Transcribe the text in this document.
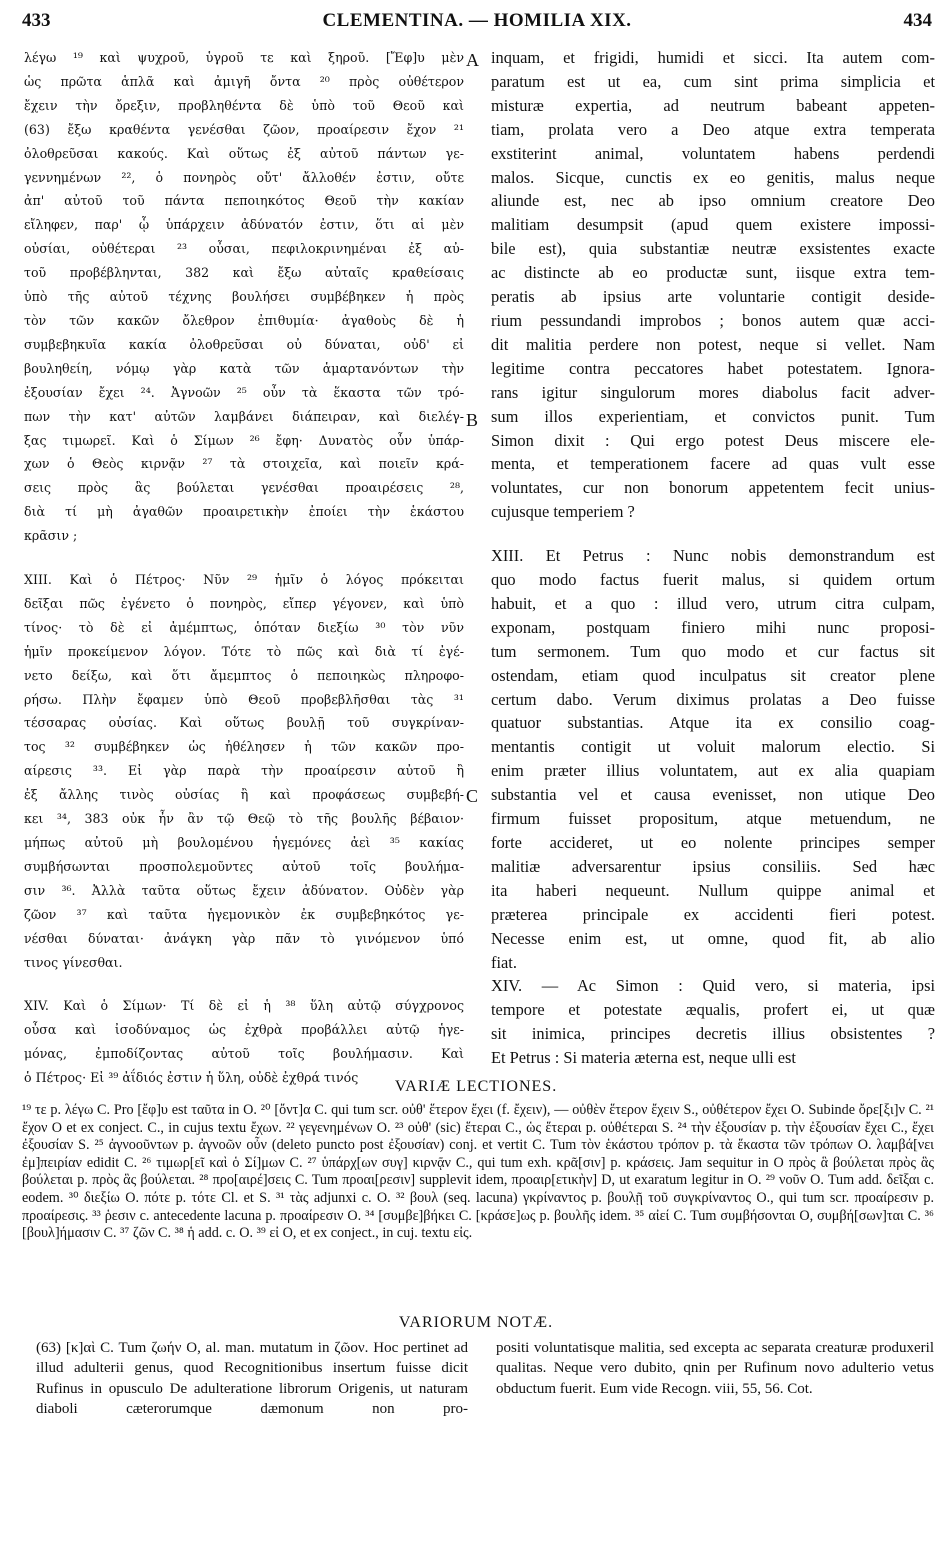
433	CLEMENTINA. — HOMILIA XIX.	434
λέγω ¹⁹ καὶ ψυχροῦ, ὑγροῦ τε καὶ ξηροῦ. [Ἔφ]υ μὲν
ὡς πρῶτα ἁπλᾶ καὶ ἀμιγῆ ὄντα ²⁰ πρὸς οὐθέτερον
ἔχειν τὴν ὄρεξιν, προβληθέντα δὲ ὑπὸ τοῦ Θεοῦ καὶ
(63) ἔξω κραθέντα γενέσθαι ζῶον, προαίρεσιν ἔχον ²¹
ὀλοθρεῦσαι κακούς. Καὶ οὕτως ἐξ αὐτοῦ πάντων γε-
γεννημένων ²², ὁ πονηρὸς οὔτ' ἄλλοθέν ἐστιν, οὔτε
ἀπ' αὐτοῦ τοῦ πάντα πεποιηκότος Θεοῦ τὴν κακίαν
εἴληφεν, παρ' ᾧ ὑπάρχειν ἀδύνατόν ἐστιν, ὅτι αἱ μὲν
οὐσίαι, οὐθέτεραι ²³ οὖσαι, πεφιλοκρινημέναι ἐξ αὐ-
τοῦ προβέβληνται, 382 καὶ ἔξω αὐταῖς κραθείσαις
ὑπὸ τῆς αὐτοῦ τέχνης βουλήσει συμβέβηκεν ἡ πρὸς
τὸν τῶν κακῶν ὄλεθρον ἐπιθυμία· ἀγαθοὺς δὲ ἡ
συμβεβηκυῖα κακία ὀλοθρεῦσαι οὐ δύναται, οὐδ' εἰ
βουληθείη, νόμῳ γὰρ κατὰ τῶν ἁμαρτανόντων τὴν
ἐξουσίαν ἔχει ²⁴. Ἀγνοῶν ²⁵ οὖν τὰ ἕκαστα τῶν τρό-
πων τὴν κατ' αὐτῶν λαμβάνει διάπειραν, καὶ διελέγ-
ξας τιμωρεῖ. Καὶ ὁ Σίμων ²⁶ ἔφη· Δυνατὸς οὖν ὑπάρ-
χων ὁ Θεὸς κιρνᾷν ²⁷ τὰ στοιχεῖα, καὶ ποιεῖν κρά-
σεις πρὸς ἃς βούλεται γενέσθαι προαιρέσεις ²⁸,
διὰ τί μὴ ἀγαθῶν προαιρετικὴν ἐποίει τὴν ἑκάστου
κρᾶσιν ;
XIII. Καὶ ὁ Πέτρος· Νῦν ²⁹ ἡμῖν ὁ λόγος πρόκειται
δεῖξαι πῶς ἐγένετο ὁ πονηρὸς, εἴπερ γέγονεν, καὶ ὑπὸ
τίνος· τὸ δὲ εἰ ἀμέμπτως, ὁπόταν διεξίω ³⁰ τὸν νῦν
ἡμῖν προκείμενον λόγον. Τότε τὸ πῶς καὶ διὰ τί ἐγέ-
νετο δείξω, καὶ ὅτι ἄμεμπτος ὁ πεποιηκὼς πληροφο-
ρήσω. Πλὴν ἔφαμεν ὑπὸ Θεοῦ προβεβλῆσθαι τὰς ³¹
τέσσαρας οὐσίας. Καὶ οὕτως βουλῇ τοῦ συγκρίναν-
τος ³² συμβέβηκεν ὡς ἠθέλησεν ἡ τῶν κακῶν προ-
αίρεσις ³³. Εἰ γὰρ παρὰ τὴν προαίρεσιν αὐτοῦ ἢ
ἐξ ἄλλης τινὸς οὐσίας ἢ καὶ προφάσεως συμβεβή-
κει ³⁴, 383 οὐκ ἦν ἂν τῷ Θεῷ τὸ τῆς βουλῆς βέβαιον·
μήπως αὐτοῦ μὴ βουλομένου ἡγεμόνες ἀεὶ ³⁵ κακίας
συμβήσωνται προσπολεμοῦντες αὐτοῦ τοῖς βουλήμα-
σιν ³⁶. Ἀλλὰ ταῦτα οὕτως ἔχειν ἀδύνατον. Οὐδὲν γὰρ
ζῶον ³⁷ καὶ ταῦτα ἡγεμονικὸν ἐκ συμβεβηκότος γε-
νέσθαι δύναται· ἀνάγκη γὰρ πᾶν τὸ γινόμενον ὑπό
τινος γίνεσθαι.
XIV. Καὶ ὁ Σίμων· Τί δὲ εἰ ἡ ³⁸ ὕλη αὐτῷ σύγχρονος
οὖσα καὶ ἰσοδύναμος ὡς ἐχθρὰ προβάλλει αὐτῷ ἡγε-
μόνας, ἐμποδίζοντας αὐτοῦ τοῖς βουλήμασιν. Καὶ
ὁ Πέτρος· Εἰ ³⁹ ἀΐδιός ἐστιν ἡ ὕλη, οὐδὲ ἐχθρά τινός
inquam, et frigidi, humidi et sicci. Ita autem com-
paratum est ut ea, cum sint prima simplicia et
misturæ expertia, ad neutrum babeant appeten-
tiam, prolata vero a Deo atque extra temperata
exstiterint animal, voluntatem habens perdendi
malos. Sicque, cunctis ex eo genitis, malus neque
aliunde est, nec ab ipso omnium creatore Deo
malitiam desumpsit (apud quem existere impossi-
bile est), quia substantiæ neutræ exsistentes exacte
ac distincte ab eo productæ sunt, iisque extra tem-
peratis ab ipsius arte voluntarie contigit deside-
rium pessundandi improbos ; bonos autem quæ acci-
dit malitia perdere non potest, neque si vellet. Nam
legitime contra peccatores habet potestatem. Ignora-
rans igitur singulorum mores diabolus facit adver-
sum illos experientiam, et convictos punit. Tum
Simon dixit : Qui ergo potest Deus miscere ele-
menta, et temperationem facere ad quas vult esse
voluntates, cur non bonorum appetentem fecit unius-
cujusque temperiem ?
XIII. Et Petrus : Nunc nobis demonstrandum est
quo modo factus fuerit malus, si quidem ortum
habuit, et a quo : illud vero, utrum citra culpam,
exponam, postquam finiero mihi nunc proposi-
tum sermonem. Tum quo modo et cur factus sit
ostendam, etiam quod inculpatus sit creator plene
certum dabo. Verum diximus prolatas a Deo fuisse
quatuor substantias. Atque ita ex consilio coag-
mentantis contigit ut voluit malorum electio. Si
enim præter illius voluntatem, aut ex alia quapiam
substantia vel et causa evenisset, non utique Deo
firmum fuisset propositum, atque metuendum, ne
forte accideret, ut eo nolente principes semper
malitiæ adversarentur ipsius consiliis. Sed hæc
ita haberi nequeunt. Nullum quippe animal et
præterea principale ex accidenti fieri potest.
Necesse enim est, ut omne, quod fit, ab alio
fiat.
XIV. — Ac Simon : Quid vero, si materia, ipsi
tempore et potestate æqualis, profert ei, ut quæ
sit inimica, principes decretis illius obsistentes ?
Et Petrus : Si materia æterna est, neque ulli est
A
B
C
VARIÆ LECTIONES.
¹⁹ τε p. λέγω C. Pro [ἔφ]υ est ταῦτα in O. ²⁰ [ὄντ]α C. qui tum scr. οὐθ' ἕτερον ἔχει (f. ἔχειν), — οὐθὲν ἕτερον ἔχειν S., οὐθέτερον ἔχει O. Subinde ὄρε[ξι]ν C. ²¹ ἔχον O et ex conject. C., in cujus textu ἔχων. ²² γεγενημένων O. ²³ οὐθ' (sic) ἕτεραι C., ὡς ἕτεραι p. οὐθέτεραι S. ²⁴ τὴν ἐξουσίαν p. τὴν ἐξουσίαν ἔχει C., ἔχει ἐξουσίαν S. ²⁵ ἀγνοοῦντων p. ἀγνοῶν οὖν (deleto puncto post ἐξουσίαν) conj. et vertit C. Tum τὸν ἑκάστου τρόπον p. τὰ ἕκαστα τῶν τρόπων O. λαμβά[νει ἐμ]πειρίαν edidit C. ²⁶ τιμωρ[εῖ καὶ ὁ Σί]μων C. ²⁷ ὑπάρχ[ων συγ] κιρνᾷν C., qui tum exh. κρᾶ[σιν] p. κράσεις. Jam sequitur in O πρὸς ἃ βούλεται πρὸς ἃς βούλεται p. πρὸς ἃς βούλεται. ²⁸ προ[αιρέ]σεις C. Tum προαι[ρεσιν] supplevit idem, προαιρ[ετικὴν] D, ut exaratum legitur in O. ²⁹ νοῦν O. Tum add. δεῖξαι c. eodem. ³⁰ διεξίω O. πότε p. τότε Cl. et S. ³¹ τὰς adjunxi c. O. ³² βουλ (seq. lacuna) γκρίναντος p. βουλῇ τοῦ συγκρίναντος O., qui tum scr. προαίρεσιν p. προαίρεσις. ³³ ῥεσιν c. antecedente lacuna p. προαίρεσιν O. ³⁴ [συμβε]βήκει C. [κράσε]ως p. βουλῆς idem. ³⁵ αἰεί C. Tum συμβήσονται O, συμβή[σων]ται C. ³⁶ [βουλ]ήμασιν C. ³⁷ ζῶν C. ³⁸ ἡ add. c. O. ³⁹ εἰ O, et ex conject., in cuj. textu εἰς.
VARIORUM NOTÆ.
(63) [κ]αὶ C. Tum ζωήν O, al. man. mutatum in ζῶον. Hoc pertinet ad illud adulterii genus, quod Recognitionibus insertum fuisse dicit Rufinus in opusculo De adulteratione librorum Origenis, ut naturam diaboli cæterorumque dæmonum non pro-
positi voluntatisque malitia, sed excepta ac separata creaturæ produxeril qualitas. Neque vero dubito, qnin per Rufinum novo adulterio vetus obductum fuerit. Eum vide Recogn. viii, 55, 56. Cot.
